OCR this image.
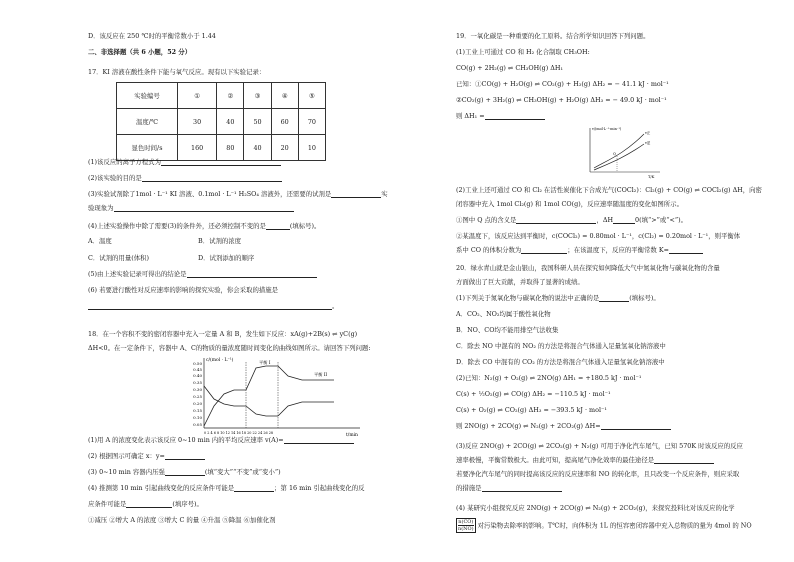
D．该反应在 250 ℃时的平衡常数小于 1.44
二、非选择题（共 6 小题，52 分）
17．KI 溶液在酸性条件下能与氧气反应。现有以下实验记录：
实验编号	①	②	③	④	⑤
温度/℃	30	40	50	60	70
显色时间/s	160	80	40	20	10
(1)该反应的离子方程式为
(2)该实验的目的是
(3)实验试剂除了1mol · L⁻¹ KI 溶液、0.1mol · L⁻¹ H₂SO₄ 溶液外，还需要的试剂是	实
验现象为
(4)上述实验操作中除了需要(3)的条件外，还必须控制不变的是	(填标号)。
A．温度	B．试剂的浓度
C．试剂的用量(体积)	D．试剂添加的顺序
(5)由上述实验记录可得出的结论是
(6) 若要进行酸性对反应速率的影响的探究实验，你会采取的措施是
。
18．在一个容积不变的密闭容器中充入一定量 A 和 B，发生如下反应：xA(g)+2B(s) ⇌ yC(g)
ΔH<0。在一定条件下，容器中 A、C的物质的量浓度随时间变化的曲线如图所示。请回答下列问题:
c/(mol · L⁻¹)
t/min
0.50
0.45
0.40
0.35
0.30
0.25
0.20
0.15
0.10
0.05
0 2 4 6 8 10 12 14 16 18 20 22 24 26 28
平衡 I
平衡 II
(1)用 A 的浓度变化表示该反应 0~10 min 内的平均反应速率 v(A)=
(2) 根据图示可确定 x：y=
(3) 0~10 min 容器内压强	(填“变大”“不变”或“变小”)
(4) 推测第 10 min 引起曲线变化的反应条件可能是	；第 16 min 引起曲线变化的反
应条件可能是	(填序号)。
①减压 ②增大 A 的浓度 ③增大 C 的量 ④升温 ⑤降温 ⑥加催化剂
19．一氧化碳是一种重要的化工原料。结合所学知识回答下列问题。
(1)工业上可通过 CO 和 H₂ 化合制取 CH₃OH:
CO(g) + 2H₂(g) ⇌ CH₃OH(g) ΔH₁
已知：①CO(g) + H₂O(g) ⇌ CO₂(g) + H₂(g) ΔH₂ = − 41.1 kJ · mol⁻¹
②CO₂(g) + 3H₂(g) ⇌ CH₃OH(g) + H₂O(g) ΔH₃ = − 49.0 kJ · mol⁻¹
则 ΔH₁ =
v/(mol·L⁻¹·min⁻¹)
T/K
v正
v逆
Q
(2)工业上还可通过 CO 和 Cl₂ 在活性炭催化下合成光气(COCl₂)：Cl₂(g) + CO(g) ⇌ COCl₂(g) ΔH，向密
闭容器中充入 1mol Cl₂(g) 和 1mol CO(g)，反应速率随温度的变化如图所示。
①图中 Q 点的含义是	，ΔH	0(填“>”或“<”)。
②某温度下，该反应达到平衡时，c(COCl₂) = 0.80mol · L⁻¹，c(Cl₂) = 0.20mol · L⁻¹，则平衡体
系中 CO 的体积分数为	；在该温度下，反应的平衡常数 K=
20．绿水青山就是金山银山，我国科研人员在探究如何降低大气中氮氧化物与碳氧化物的含量
方面做出了巨大贡献，并取得了显著的成绩。
(1)下列关于氮氧化物与碳氧化物的说法中正确的是	(填标号)。
A．CO₂、NO₂均属于酸性氧化物
B．NO、CO均不能用排空气法收集
C．除去 NO 中混有的 NO₂ 的方法是将混合气体通入足量氢氧化钠溶液中
D．除去 CO 中混有的 CO₂ 的方法是将混合气体通入足量氢氧化钠溶液中
(2)已知：N₂(g) + O₂(g) ⇌ 2NO(g) ΔH₁ = +180.5 kJ · mol⁻¹
C(s) + ½O₂(g) ⇌ CO(g) ΔH₂ = −110.5 kJ · mol⁻¹
C(s) + O₂(g) ⇌ CO₂(g) ΔH₃ = −393.5 kJ · mol⁻¹
则 2NO(g) + 2CO(g) ⇌ N₂(g) + 2CO₂(g) ΔH=
(3)反应 2NO(g) + 2CO(g) ⇌ 2CO₂(g) + N₂(g) 可用于净化汽车尾气，已知 570K 时该反应的反应
速率极慢，平衡常数极大。由此可知，提高尾气净化效率的最佳途径是
若要净化汽车尾气的同时提高该反应的反应速率和 NO 的转化率，且只改变一个反应条件，则应采取
的措施是
(4) 某研究小组探究反应 2NO(g) + 2CO(g) ⇌ N₂(g) + 2CO₂(g)，来探究投料比对该反应的化学
$\frac{n(CO)}{n(NO)}$ 对污染物去除率的影响。T℃时，向体积为 1L 的恒容密闭容器中充入总物质的量为 4mol 的 NO
